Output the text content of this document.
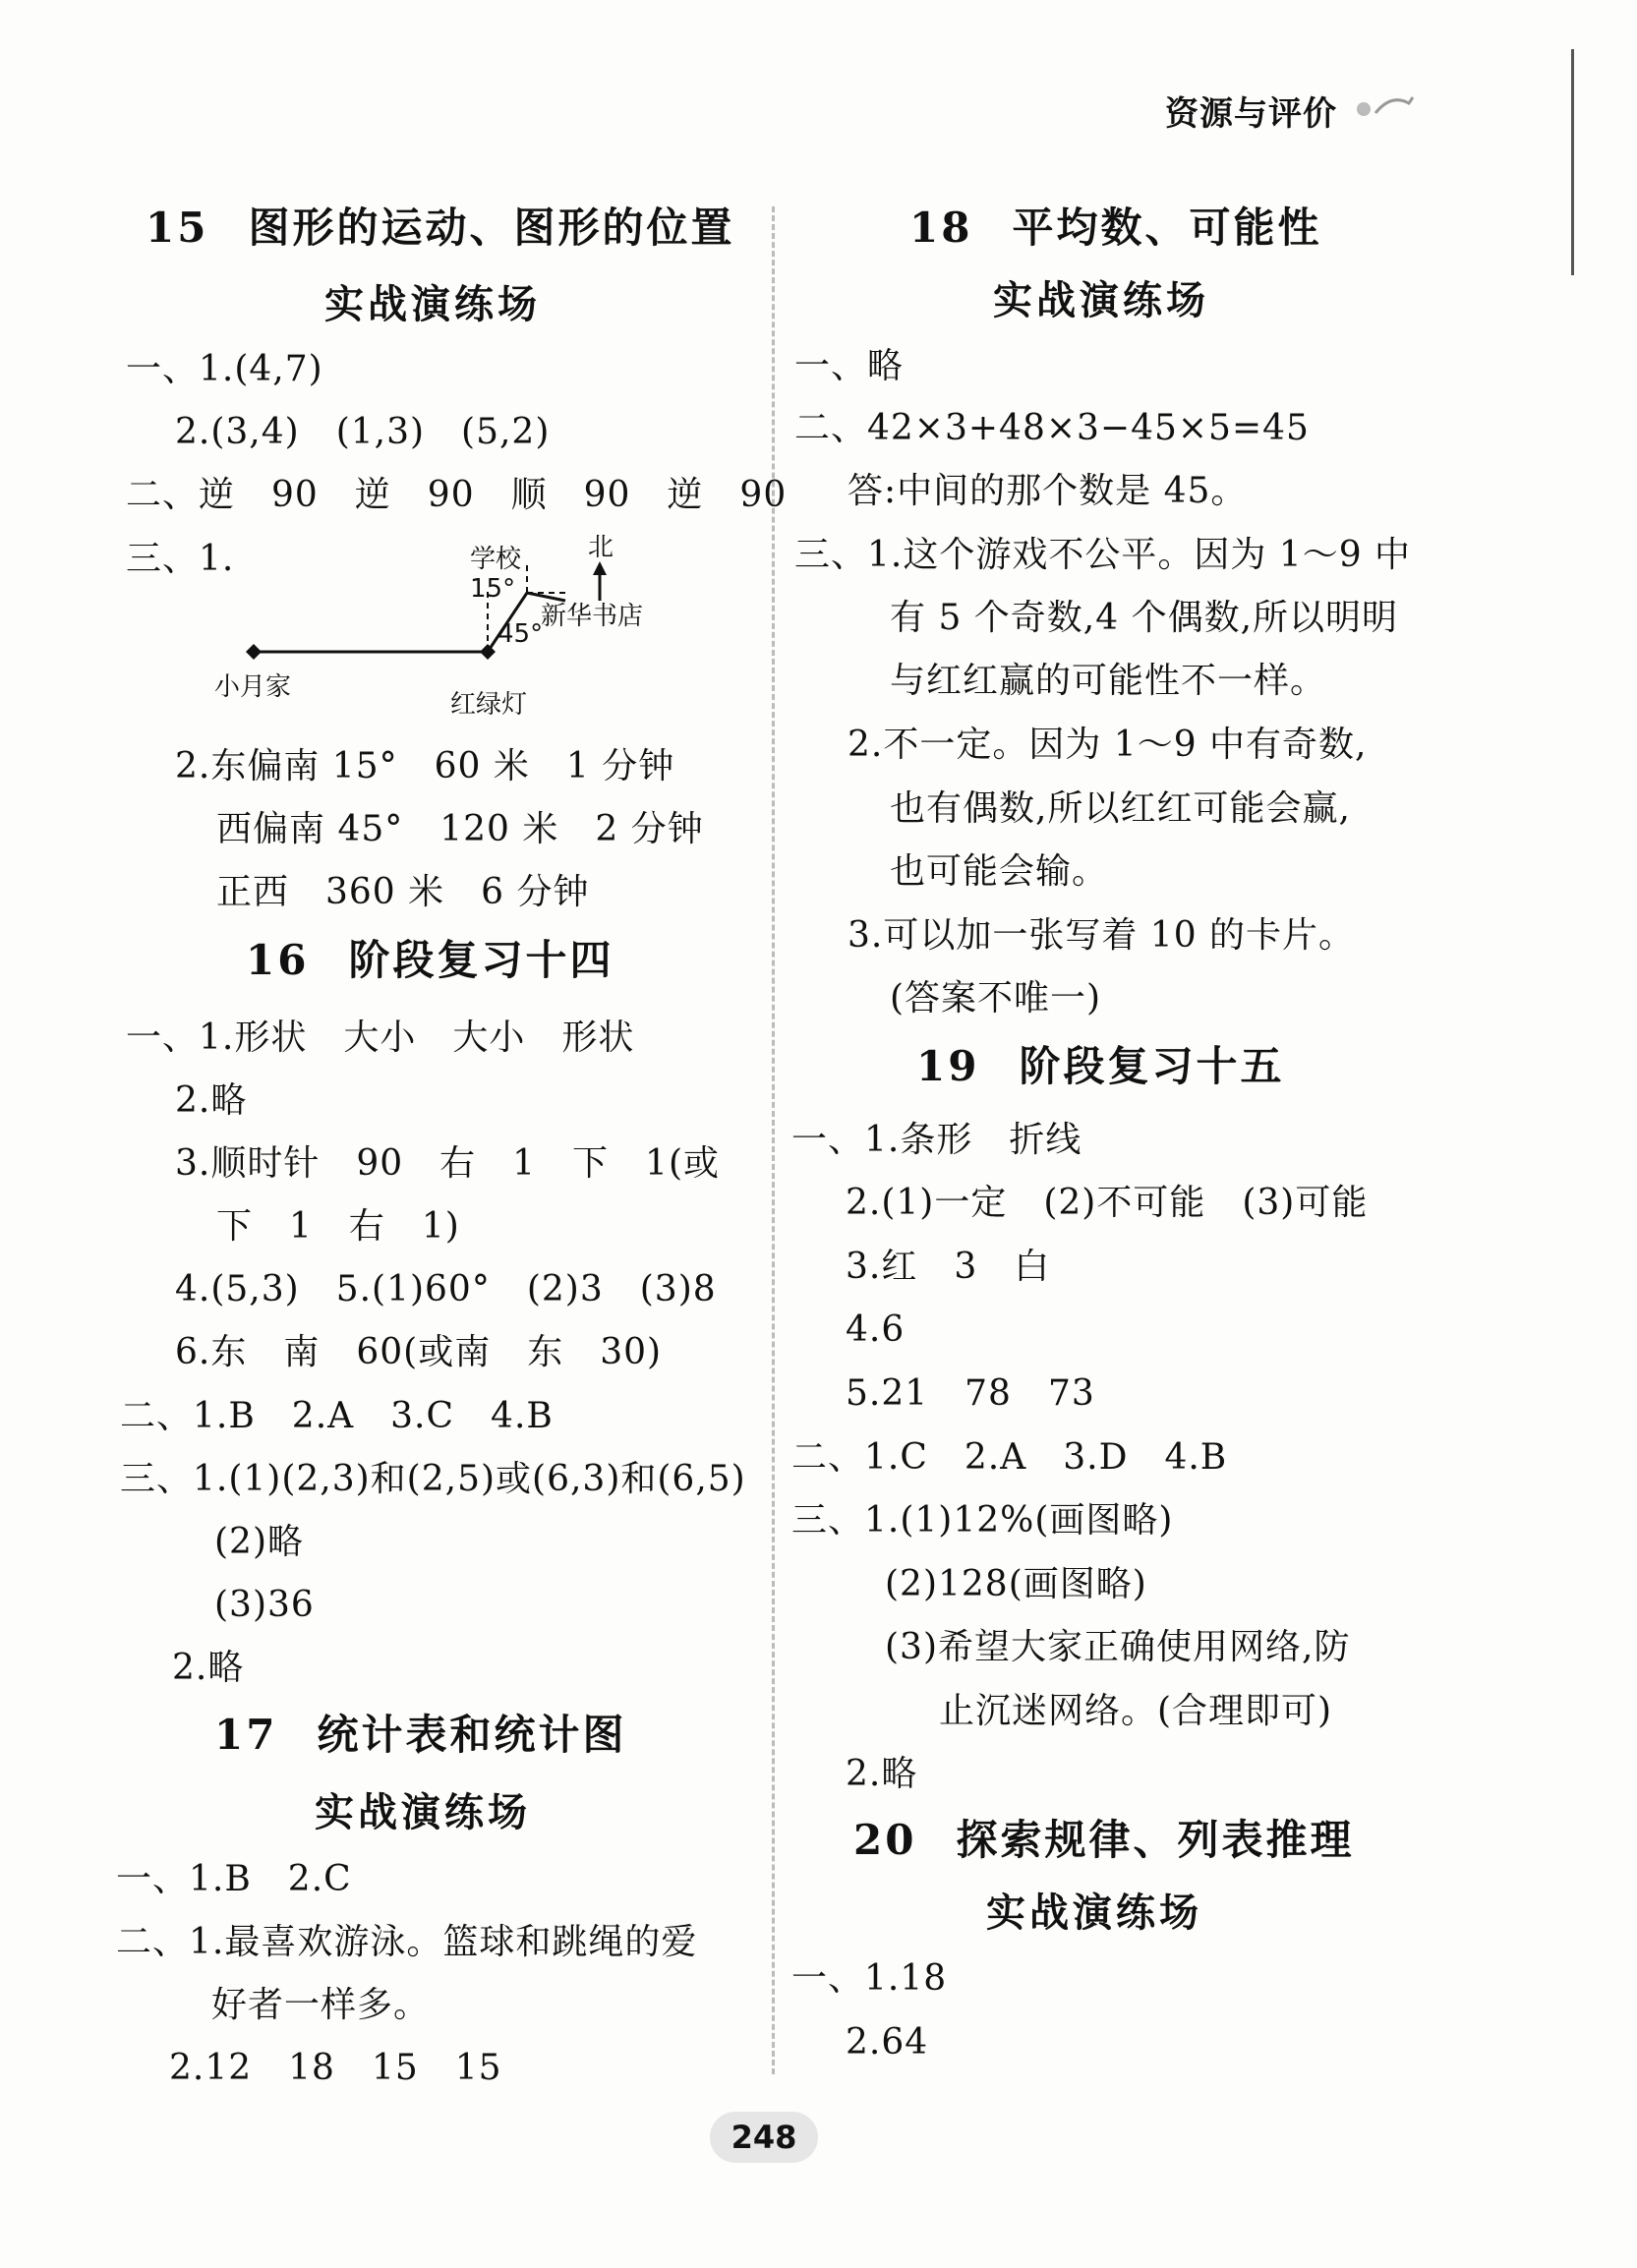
资源与评价
15 图形的运动、图形的位置
实战演练场
一、1.(4,7)
2.(3,4)　(1,3)　(5,2)
二、逆　90　逆　90　顺　90　逆　90
三、1.	学校	北
15°
45°
新华书店
小月家
红绿灯
2.东偏南 15°　60 米　1 分钟
西偏南 45°　120 米　2 分钟
正西　360 米　6 分钟
16 阶段复习十四
一、1.形状　大小　大小　形状
2.略
3.顺时针　90　右　1　下　1(或
下　1　右　1)
4.(5,3)　5.(1)60°　(2)3　(3)8
6.东　南　60(或南　东　30)
二、1.B　2.A　3.C　4.B
三、1.(1)(2,3)和(2,5)或(6,3)和(6,5)
(2)略
(3)36
2.略
17 统计表和统计图
实战演练场
一、1.B　2.C
二、1.最喜欢游泳。篮球和跳绳的爱
好者一样多。
2.12　18　15　15
18 平均数、可能性
实战演练场
一、略
二、42×3+48×3−45×5=45
答:中间的那个数是 45。
三、1.这个游戏不公平。因为 1～9 中
有 5 个奇数,4 个偶数,所以明明
与红红赢的可能性不一样。
2.不一定。因为 1～9 中有奇数,
也有偶数,所以红红可能会赢,
也可能会输。
3.可以加一张写着 10 的卡片。
(答案不唯一)
19 阶段复习十五
一、1.条形　折线
2.(1)一定　(2)不可能　(3)可能
3.红　3　白
4.6
5.21　78　73
二、1.C　2.A　3.D　4.B
三、1.(1)12%(画图略)
(2)128(画图略)
(3)希望大家正确使用网络,防
止沉迷网络。(合理即可)
2.略
20 探索规律、列表推理
实战演练场
一、1.18
2.64
248
